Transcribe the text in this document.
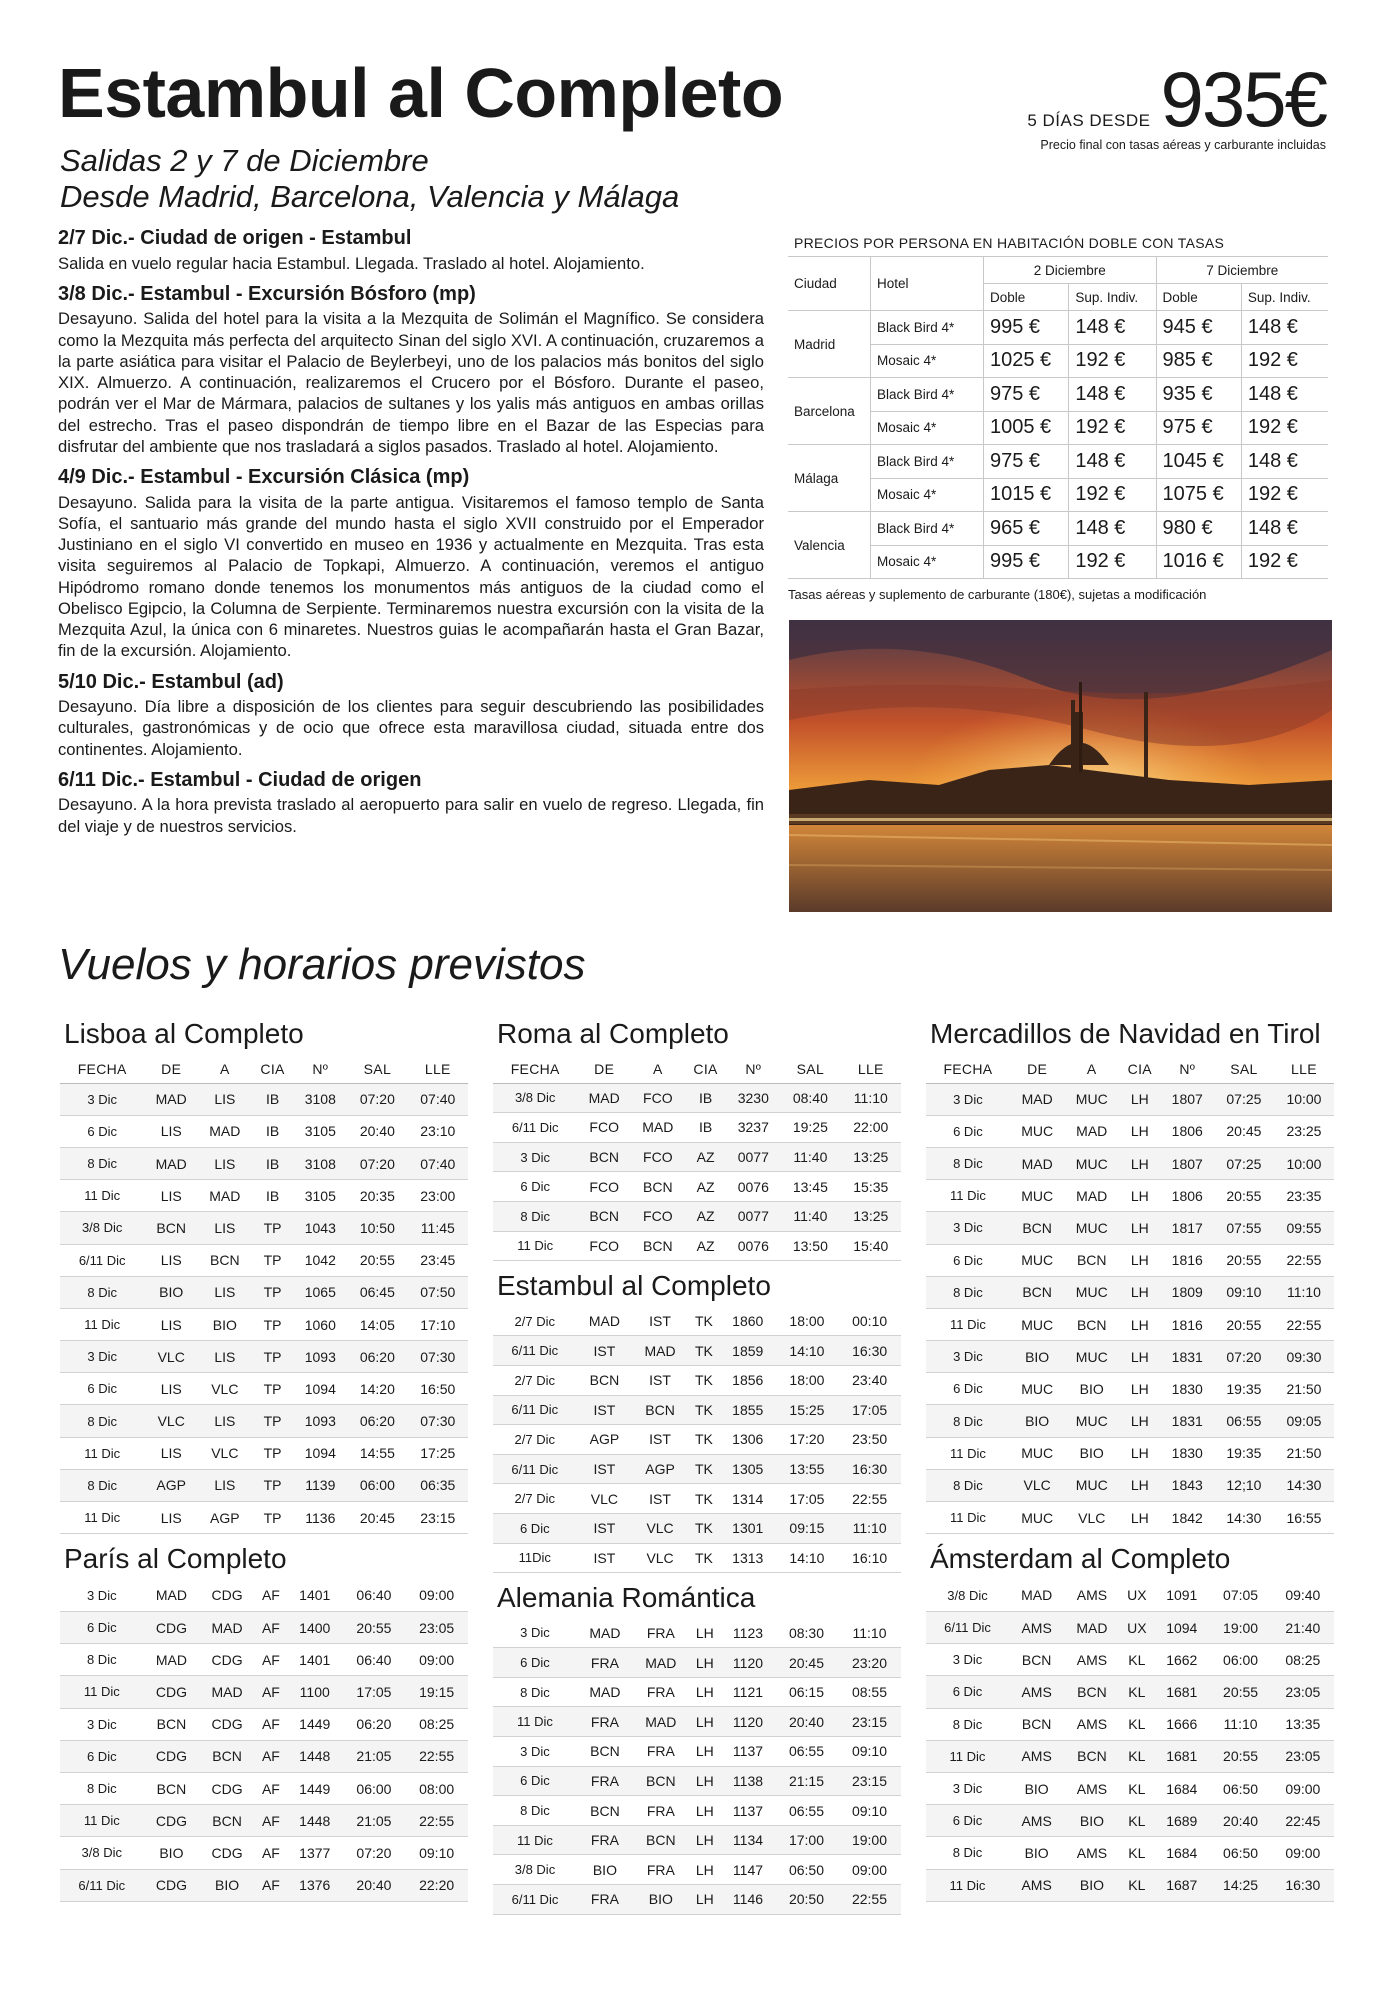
Estambul al Completo
Salidas 2 y 7 de Diciembre
Desde Madrid, Barcelona, Valencia y Málaga
5 DÍAS DESDE 935€
Precio final con tasas aéreas y carburante incluidas
2/7 Dic.- Ciudad de origen - Estambul
Salida en vuelo regular hacia Estambul. Llegada. Traslado al hotel. Alojamiento.
3/8 Dic.- Estambul - Excursión Bósforo (mp)
Desayuno. Salida del hotel para la visita a la Mezquita de Solimán el Magnífico. Se considera como la Mezquita más perfecta del arquitecto Sinan del siglo XVI. A continuación, cruzaremos a la parte asiática para visitar el Palacio de Beylerbeyi, uno de los palacios más bonitos del siglo XIX. Almuerzo. A continuación, realizaremos el Crucero por el Bósforo. Durante el paseo, podrán ver el Mar de Mármara, palacios de sultanes y los yalis más antiguos en ambas orillas del estrecho. Tras el paseo dispondrán de tiempo libre en el Bazar de las Especias para disfrutar del ambiente que nos trasladará a siglos pasados. Traslado al hotel. Alojamiento.
4/9 Dic.- Estambul - Excursión Clásica (mp)
Desayuno. Salida para la visita de la parte antigua. Visitaremos el famoso templo de Santa Sofía, el santuario más grande del mundo hasta el siglo XVII construido por el Emperador Justiniano en el siglo VI convertido en museo en 1936 y actualmente en Mezquita. Tras esta visita seguiremos al Palacio de Topkapi, Almuerzo. A continuación, veremos el antiguo Hipódromo romano donde tenemos los monumentos más antiguos de la ciudad como el Obelisco Egipcio, la Columna de Serpiente. Terminaremos nuestra excursión con la visita de la Mezquita Azul, la única con 6 minaretes. Nuestros guias le acompañarán hasta el Gran Bazar, fin de la excursión. Alojamiento.
5/10 Dic.- Estambul (ad)
Desayuno. Día libre a disposición de los clientes para seguir descubriendo las posibilidades culturales, gastronómicas y de ocio que ofrece esta maravillosa ciudad, situada entre dos continentes. Alojamiento.
6/11 Dic.- Estambul - Ciudad de origen
Desayuno. A la hora prevista traslado al aeropuerto para salir en vuelo de regreso. Llegada, fin del viaje y de nuestros servicios.
PRECIOS POR PERSONA EN HABITACIÓN DOBLE CON TASAS					
Ciudad	Hotel	2 Diciembre		7 Diciembre	
		Doble	Sup. Indiv.	Doble	Sup. Indiv.
Madrid	Black Bird 4*	995 €	148 €	945 €	148 €
	Mosaic 4*	1025 €	192 €	985 €	192 €
Barcelona	Black Bird 4*	975 €	148 €	935 €	148 €
	Mosaic 4*	1005 €	192 €	975 €	192 €
Málaga	Black Bird 4*	975 €	148 €	1045 €	148 €
	Mosaic 4*	1015 €	192 €	1075 €	192 €
Valencia	Black Bird 4*	965 €	148 €	980 €	148 €
	Mosaic 4*	995 €	192 €	1016 €	192 €
Tasas aéreas y suplemento de carburante (180€), sujetas a modificación
Vuelos y horarios previstos
Lisboa al Completo
FECHA	DE	A	CIA	Nº	SAL	LLE
3 Dic	MAD	LIS	IB	3108	07:20	07:40
6 Dic	LIS	MAD	IB	3105	20:40	23:10
8 Dic	MAD	LIS	IB	3108	07:20	07:40
11 Dic	LIS	MAD	IB	3105	20:35	23:00
3/8 Dic	BCN	LIS	TP	1043	10:50	11:45
6/11 Dic	LIS	BCN	TP	1042	20:55	23:45
8 Dic	BIO	LIS	TP	1065	06:45	07:50
11 Dic	LIS	BIO	TP	1060	14:05	17:10
3 Dic	VLC	LIS	TP	1093	06:20	07:30
6 Dic	LIS	VLC	TP	1094	14:20	16:50
8 Dic	VLC	LIS	TP	1093	06:20	07:30
11 Dic	LIS	VLC	TP	1094	14:55	17:25
8 Dic	AGP	LIS	TP	1139	06:00	06:35
11 Dic	LIS	AGP	TP	1136	20:45	23:15
París al Completo
3 Dic	MAD	CDG	AF	1401	06:40	09:00
6 Dic	CDG	MAD	AF	1400	20:55	23:05
8 Dic	MAD	CDG	AF	1401	06:40	09:00
11 Dic	CDG	MAD	AF	1100	17:05	19:15
3 Dic	BCN	CDG	AF	1449	06:20	08:25
6 Dic	CDG	BCN	AF	1448	21:05	22:55
8 Dic	BCN	CDG	AF	1449	06:00	08:00
11 Dic	CDG	BCN	AF	1448	21:05	22:55
3/8 Dic	BIO	CDG	AF	1377	07:20	09:10
6/11 Dic	CDG	BIO	AF	1376	20:40	22:20
Roma al Completo
FECHA	DE	A	CIA	Nº	SAL	LLE
3/8 Dic	MAD	FCO	IB	3230	08:40	11:10
6/11 Dic	FCO	MAD	IB	3237	19:25	22:00
3 Dic	BCN	FCO	AZ	0077	11:40	13:25
6 Dic	FCO	BCN	AZ	0076	13:45	15:35
8 Dic	BCN	FCO	AZ	0077	11:40	13:25
11 Dic	FCO	BCN	AZ	0076	13:50	15:40
Estambul al Completo
2/7 Dic	MAD	IST	TK	1860	18:00	00:10
6/11 Dic	IST	MAD	TK	1859	14:10	16:30
2/7 Dic	BCN	IST	TK	1856	18:00	23:40
6/11 Dic	IST	BCN	TK	1855	15:25	17:05
2/7 Dic	AGP	IST	TK	1306	17:20	23:50
6/11 Dic	IST	AGP	TK	1305	13:55	16:30
2/7 Dic	VLC	IST	TK	1314	17:05	22:55
6 Dic	IST	VLC	TK	1301	09:15	11:10
11Dic	IST	VLC	TK	1313	14:10	16:10
Alemania Romántica
3 Dic	MAD	FRA	LH	1123	08:30	11:10
6 Dic	FRA	MAD	LH	1120	20:45	23:20
8 Dic	MAD	FRA	LH	1121	06:15	08:55
11 Dic	FRA	MAD	LH	1120	20:40	23:15
3 Dic	BCN	FRA	LH	1137	06:55	09:10
6 Dic	FRA	BCN	LH	1138	21:15	23:15
8 Dic	BCN	FRA	LH	1137	06:55	09:10
11 Dic	FRA	BCN	LH	1134	17:00	19:00
3/8 Dic	BIO	FRA	LH	1147	06:50	09:00
6/11 Dic	FRA	BIO	LH	1146	20:50	22:55
Mercadillos de Navidad en Tirol
FECHA	DE	A	CIA	Nº	SAL	LLE
3 Dic	MAD	MUC	LH	1807	07:25	10:00
6 Dic	MUC	MAD	LH	1806	20:45	23:25
8 Dic	MAD	MUC	LH	1807	07:25	10:00
11 Dic	MUC	MAD	LH	1806	20:55	23:35
3 Dic	BCN	MUC	LH	1817	07:55	09:55
6 Dic	MUC	BCN	LH	1816	20:55	22:55
8 Dic	BCN	MUC	LH	1809	09:10	11:10
11 Dic	MUC	BCN	LH	1816	20:55	22:55
3 Dic	BIO	MUC	LH	1831	07:20	09:30
6 Dic	MUC	BIO	LH	1830	19:35	21:50
8 Dic	BIO	MUC	LH	1831	06:55	09:05
11 Dic	MUC	BIO	LH	1830	19:35	21:50
8 Dic	VLC	MUC	LH	1843	12;10	14:30
11 Dic	MUC	VLC	LH	1842	14:30	16:55
Ámsterdam al Completo
3/8 Dic	MAD	AMS	UX	1091	07:05	09:40
6/11 Dic	AMS	MAD	UX	1094	19:00	21:40
3 Dic	BCN	AMS	KL	1662	06:00	08:25
6 Dic	AMS	BCN	KL	1681	20:55	23:05
8 Dic	BCN	AMS	KL	1666	11:10	13:35
11 Dic	AMS	BCN	KL	1681	20:55	23:05
3 Dic	BIO	AMS	KL	1684	06:50	09:00
6 Dic	AMS	BIO	KL	1689	20:40	22:45
8 Dic	BIO	AMS	KL	1684	06:50	09:00
11 Dic	AMS	BIO	KL	1687	14:25	16:30
